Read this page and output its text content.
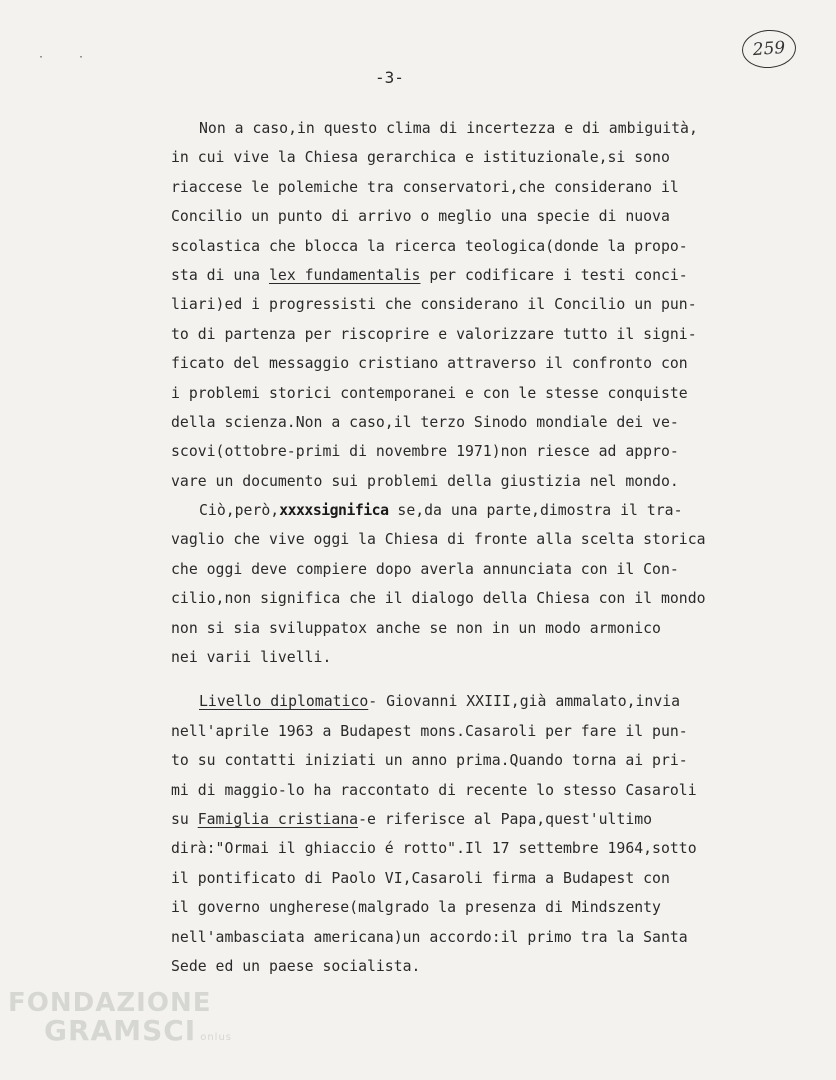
· ·
-3-
259
Non a caso,in questo clima di incertezza e di ambiguità,
in cui vive la Chiesa gerarchica e istituzionale,si sono
riaccese le polemiche tra conservatori,che considerano il
Concilio un punto di arrivo o meglio una specie di nuova
scolastica che blocca la ricerca teologica(donde la propo-
sta di una lex fundamentalis per codificare i testi conci-
liari)ed i progressisti che considerano il Concilio un pun-
to di partenza per riscoprire e valorizzare tutto il signi-
ficato del messaggio cristiano attraverso il confronto con
i problemi storici contemporanei e con le stesse conquiste
della scienza.Non a caso,il terzo Sinodo mondiale dei ve-
scovi(ottobre-primi di novembre 1971)non riesce ad appro-
vare un documento sui problemi della giustizia nel mondo.
Ciò,però,xxxxsignifica se,da una parte,dimostra il tra-
vaglio che vive oggi la Chiesa di fronte alla scelta storica
che oggi deve compiere dopo averla annunciata con il Con-
cilio,non significa che il dialogo della Chiesa con il mondo
non si sia sviluppatox anche se non in un modo armonico
nei varii livelli.
Livello diplomatico- Giovanni XXIII,già ammalato,invia
nell'aprile 1963 a Budapest mons.Casaroli per fare il pun-
to su contatti iniziati un anno prima.Quando torna ai pri-
mi di maggio-lo ha raccontato di recente lo stesso Casaroli
su Famiglia cristiana-e riferisce al Papa,quest'ultimo
dirà:"Ormai il ghiaccio é rotto".Il 17 settembre 1964,sotto
il pontificato di Paolo VI,Casaroli firma a Budapest con
il governo ungherese(malgrado la presenza di Mindszenty
nell'ambasciata americana)un accordo:il primo tra la Santa
Sede ed un paese socialista.
FONDAZIONE
GRAMSCI onlus
